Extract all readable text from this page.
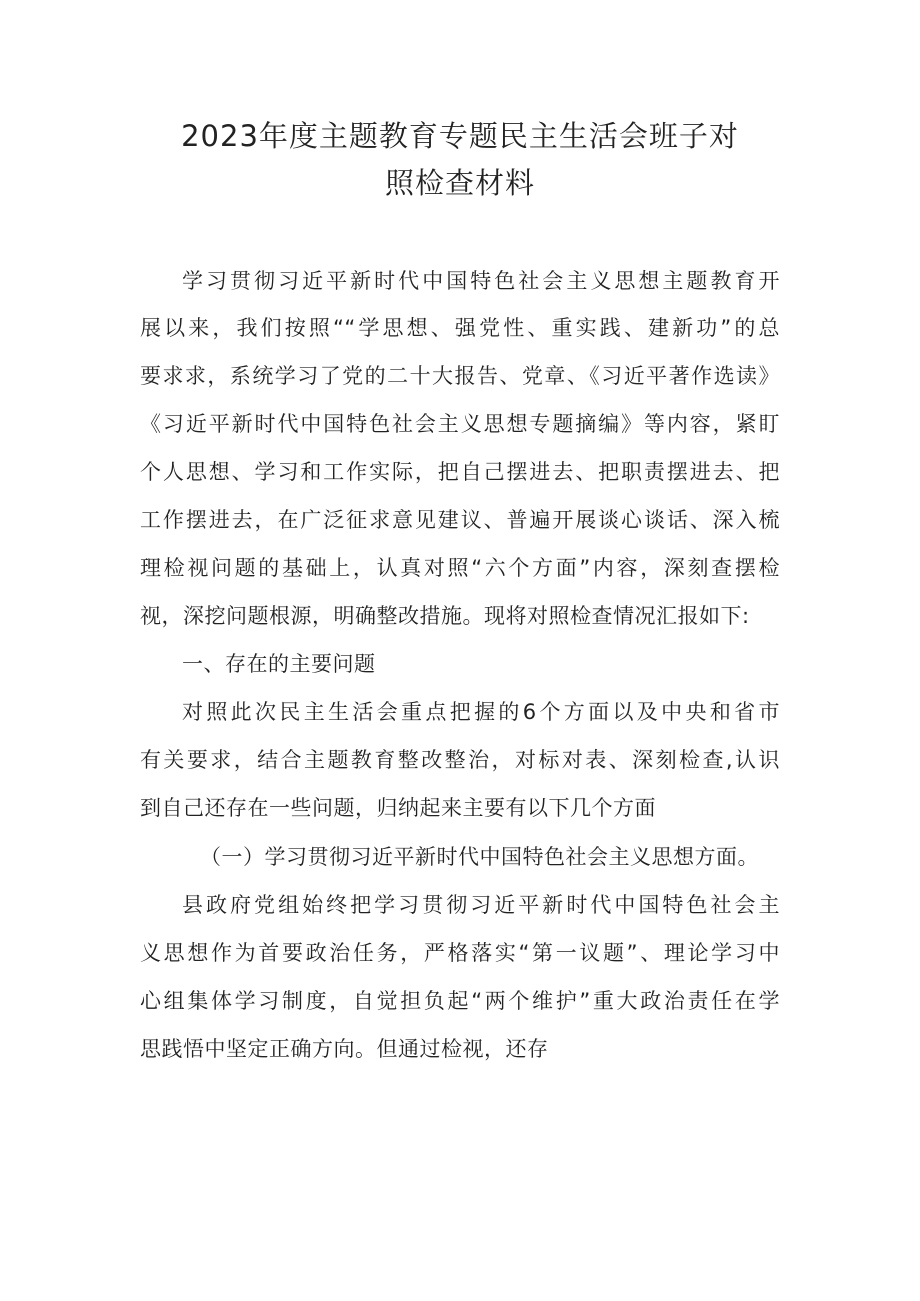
2023年度主题教育专题民主生活会班子对
照检查材料
学习贯彻习近平新时代中国特色社会主义思想主题教育开
展以来，我们按照““学思想、强党性、重实践、建新功”的总
要求求，系统学习了党的二十大报告、党章、《习近平著作选读》
《习近平新时代中国特色社会主义思想专题摘编》等内容，紧盯
个人思想、学习和工作实际，把自己摆进去、把职责摆进去、把
工作摆进去，在广泛征求意见建议、普遍开展谈心谈话、深入梳
理检视问题的基础上，认真对照“六个方面”内容，深刻查摆检
视，深挖问题根源，明确整改措施。现将对照检查情况汇报如下:
一、存在的主要问题
对照此次民主生活会重点把握的6个方面以及中央和省市
有关要求，结合主题教育整改整治，对标对表、深刻检查,认识
到自己还存在一些问题，归纳起来主要有以下几个方面
（一）学习贯彻习近平新时代中国特色社会主义思想方面。
县政府党组始终把学习贯彻习近平新时代中国特色社会主
义思想作为首要政治任务，严格落实“第一议题”、理论学习中
心组集体学习制度，自觉担负起“两个维护”重大政治责任在学
思践悟中坚定正确方向。但通过检视，还存
